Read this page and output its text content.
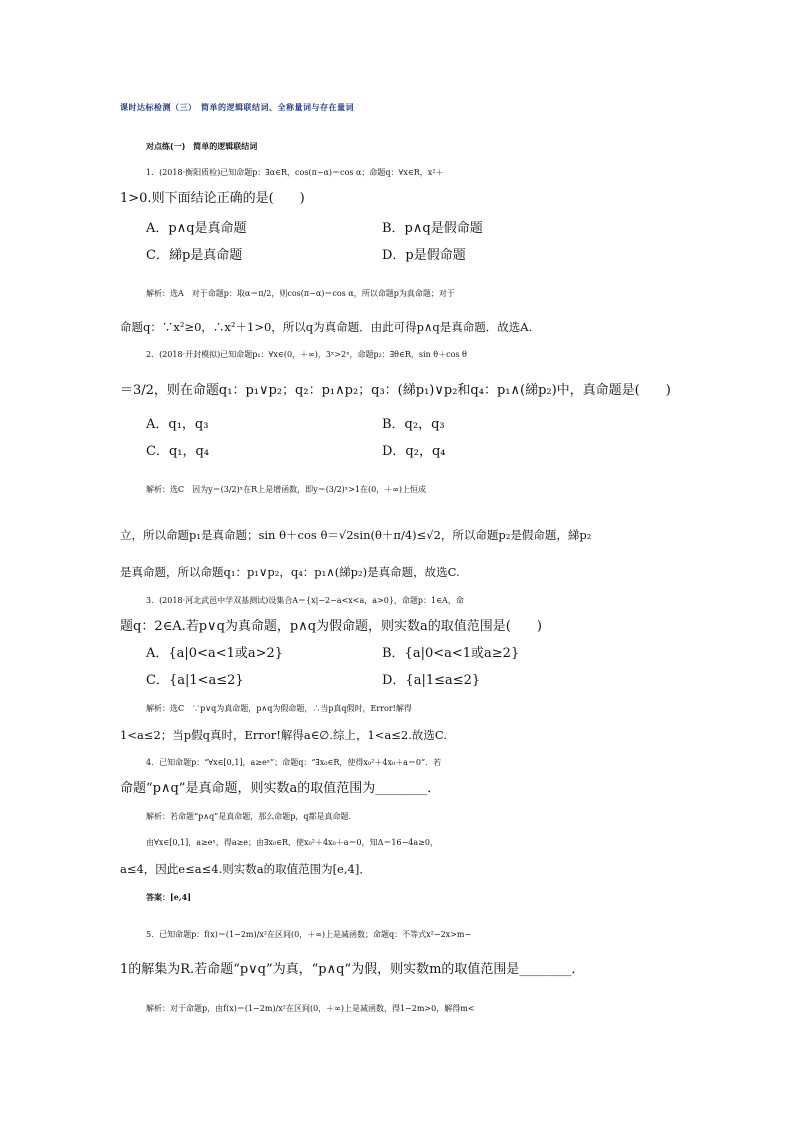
课时达标检测（三）　简单的逻辑联结词、全称量词与存在量词
对点练(一)　简单的逻辑联结词
1．(2018·衡阳质检)已知命题p：∃α∈R，cos(π−α)＝cos α；命题q：∀x∈R，x²＋
1>0.则下面结论正确的是(　　)
A．p∧q是真命题	B．p∧q是假命题
C．綈p是真命题	D．p是假命题
解析：选A　对于命题p：取α＝π/2，则cos(π−α)＝cos α，所以命题p为真命题；对于
命题q：∵x²≥0，∴x²＋1>0，所以q为真命题．由此可得p∧q是真命题．故选A.
2．(2018·开封模拟)已知命题p₁：∀x∈(0，＋∞)，3ˣ>2ˣ，命题p₂：∃θ∈R，sin θ＋cos θ
＝3/2，则在命题q₁：p₁∨p₂；q₂：p₁∧p₂；q₃：(綈p₁)∨p₂和q₄：p₁∧(綈p₂)中，真命题是(　　)
A．q₁，q₃	B．q₂，q₃
C．q₁，q₄	D．q₂，q₄
解析：选C　因为y＝(3/2)ˣ在R上是增函数，即y＝(3/2)ˣ>1在(0，＋∞)上恒成
立，所以命题p₁是真命题；sin θ＋cos θ＝√2sin(θ＋π/4)≤√2，所以命题p₂是假命题，綈p₂
是真命题，所以命题q₁：p₁∨p₂，q₄：p₁∧(綈p₂)是真命题，故选C.
3．(2018·河北武邑中学双基测试)设集合A＝{x|−2−a<x<a，a>0}，命题p：1∈A，命
题q：2∈A.若p∨q为真命题，p∧q为假命题，则实数a的取值范围是(　　)
A．{a|0<a<1或a>2}	B．{a|0<a<1或a≥2}
C．{a|1<a≤2}	D．{a|1≤a≤2}
解析：选C　∵p∨q为真命题，p∧q为假命题，∴当p真q假时，Error!解得
1<a≤2；当p假q真时，Error!解得a∈∅.综上，1<a≤2.故选C.
4．已知命题p：“∀x∈[0,1]，a≥eˣ”；命题q：“∃x₀∈R，使得x₀²＋4x₀＋a＝0”．若
命题“p∧q”是真命题，则实数a的取值范围为________．
解析：若命题“p∧q”是真命题，那么命题p，q都是真命题．
由∀x∈[0,1]，a≥eˣ，得a≥e；由∃x₀∈R，使x₀²＋4x₀＋a＝0，知Δ＝16−4a≥0，
a≤4，因此e≤a≤4.则实数a的取值范围为[e,4]．
答案：[e,4]
5．已知命题p：f(x)＝(1−2m)/x²在区间(0，＋∞)上是减函数；命题q：不等式x²−2x>m−
1的解集为R.若命题“p∨q”为真，“p∧q”为假，则实数m的取值范围是________．
解析：对于命题p，由f(x)＝(1−2m)/x²在区间(0，＋∞)上是减函数，得1−2m>0，解得m<
